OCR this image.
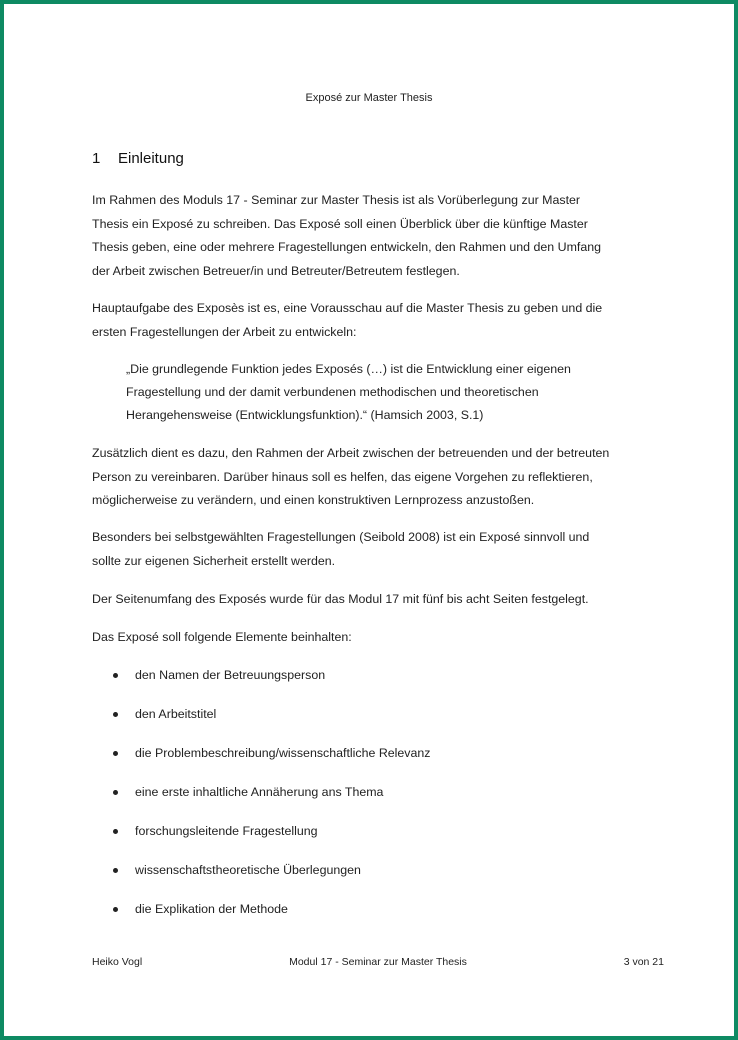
Exposé zur Master Thesis
1 Einleitung
Im Rahmen des Moduls 17 - Seminar zur Master Thesis ist als Vorüberlegung zur Master
Thesis ein Exposé zu schreiben. Das Exposé soll einen Überblick über die künftige Master
Thesis geben, eine oder mehrere Fragestellungen entwickeln, den Rahmen und den Umfang
der Arbeit zwischen Betreuer/in und Betreuter/Betreutem festlegen.
Hauptaufgabe des Exposès ist es, eine Vorausschau auf die Master Thesis zu geben und die
ersten Fragestellungen der Arbeit zu entwickeln:
„Die grundlegende Funktion jedes Exposés (…) ist die Entwicklung einer eigenen
Fragestellung und der damit verbundenen methodischen und theoretischen
Herangehensweise (Entwicklungsfunktion).“ (Hamsich 2003, S.1)
Zusätzlich dient es dazu, den Rahmen der Arbeit zwischen der betreuenden und der betreuten
Person zu vereinbaren. Darüber hinaus soll es helfen, das eigene Vorgehen zu reflektieren,
möglicherweise zu verändern, und einen konstruktiven Lernprozess anzustoßen.
Besonders bei selbstgewählten Fragestellungen (Seibold 2008) ist ein Exposé sinnvoll und
sollte zur eigenen Sicherheit erstellt werden.
Der Seitenumfang des Exposés wurde für das Modul 17 mit fünf bis acht Seiten festgelegt.
Das Exposé soll folgende Elemente beinhalten:
den Namen der Betreuungsperson
den Arbeitstitel
die Problembeschreibung/wissenschaftliche Relevanz
eine erste inhaltliche Annäherung ans Thema
forschungsleitende Fragestellung
wissenschaftstheoretische Überlegungen
die Explikation der Methode
Heiko Vogl	Modul 17 - Seminar zur Master Thesis	3 von 21
